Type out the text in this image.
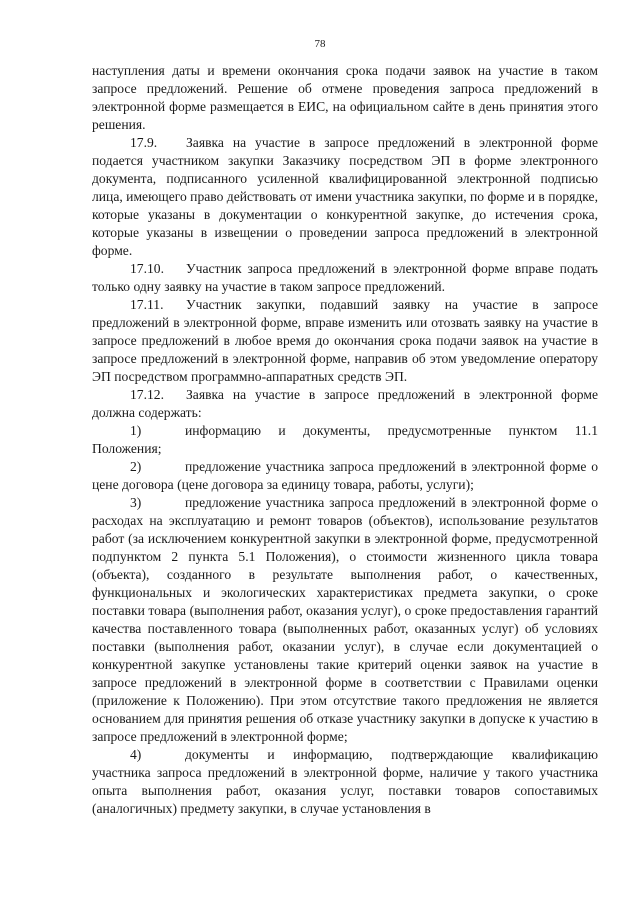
78

наступления даты и времени окончания срока подачи заявок на участие в таком запросе предложений. Решение об отмене проведения запроса предложений в электронной форме размещается в ЕИС, на официальном сайте в день принятия этого решения.

17.9. Заявка на участие в запросе предложений в электронной форме подается участником закупки Заказчику посредством ЭП в форме электронного документа, подписанного усиленной квалифицированной электронной подписью лица, имеющего право действовать от имени участника закупки, по форме и в порядке, которые указаны в документации о конкурентной закупке, до истечения срока, которые указаны в извещении о проведении запроса предложений в электронной форме.

17.10. Участник запроса предложений в электронной форме вправе подать только одну заявку на участие в таком запросе предложений.

17.11. Участник закупки, подавший заявку на участие в запросе предложений в электронной форме, вправе изменить или отозвать заявку на участие в запросе предложений в любое время до окончания срока подачи заявок на участие в запросе предложений в электронной форме, направив об этом уведомление оператору ЭП посредством программно-аппаратных средств ЭП.

17.12. Заявка на участие в запросе предложений в электронной форме должна содержать:

1)	информацию и документы, предусмотренные пунктом 11.1 Положения;

2)	предложение участника запроса предложений в электронной форме о цене договора (цене договора за единицу товара, работы, услуги);

3)	предложение участника запроса предложений в электронной форме о расходах на эксплуатацию и ремонт товаров (объектов), использование результатов работ (за исключением конкурентной закупки в электронной форме, предусмотренной подпунктом 2 пункта 5.1 Положения), о стоимости жизненного цикла товара (объекта), созданного в результате выполнения работ, о качественных, функциональных и экологических характеристиках предмета закупки, о сроке поставки товара (выполнения работ, оказания услуг), о сроке предоставления гарантий качества поставленного товара (выполненных работ, оказанных услуг) об условиях поставки (выполнения работ, оказании услуг), в случае если документацией о конкурентной закупке установлены такие критерий оценки заявок на участие в запросе предложений в электронной форме в соответствии с Правилами оценки (приложение к Положению). При этом отсутствие такого предложения не является основанием для принятия решения об отказе участнику закупки в допуске к участию в запросе предложений в электронной форме;

4)	документы и информацию, подтверждающие квалификацию участника запроса предложений в электронной форме, наличие у такого участника опыта выполнения работ, оказания услуг, поставки товаров сопоставимых (аналогичных) предмету закупки, в случае установления в
